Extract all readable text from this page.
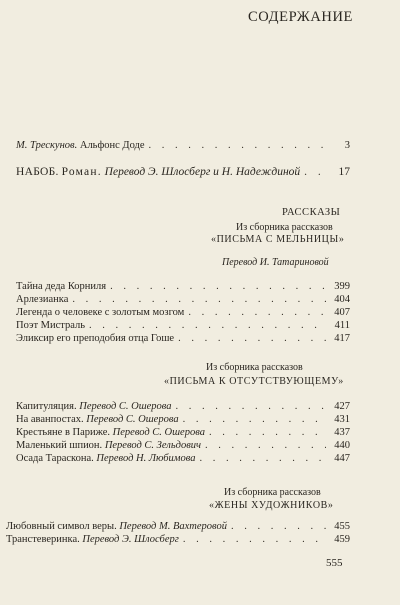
СОДЕРЖАНИЕ
М. Трескунов. Альфонс Доде . . .	3
НАБОБ. Роман. Перевод Э. Шлосберг и Н. Надеждиной . . .	17
РАССКАЗЫ
Из сборника рассказов
«ПИСЬМА С МЕЛЬНИЦЫ»
Перевод И. Татариновой
Тайна деда Корниля . . .	399
Арлезианка . . .	404
Легенда о человеке с золотым мозгом . . .	407
Поэт Мистраль . . .	411
Эликсир его преподобия отца Гоше . . .	417
Из сборника рассказов
«ПИСЬМА К ОТСУТСТВУЮЩЕМУ»
Капитуляция. Перевод С. Ошерова . . .	427
На аванпостах. Перевод С. Ошерова . . .	431
Крестьяне в Париже. Перевод С. Ошерова . . .	437
Маленький шпион. Перевод С. Зельдович . . .	440
Осада Тараскона. Перевод Н. Любимова . . .	447
Из сборника рассказов
«ЖЕНЫ ХУДОЖНИКОВ»
Любовный символ веры. Перевод М. Вахтеровой . . .	455
Транстеверинка. Перевод Э. Шлосберг . . .	459
555
